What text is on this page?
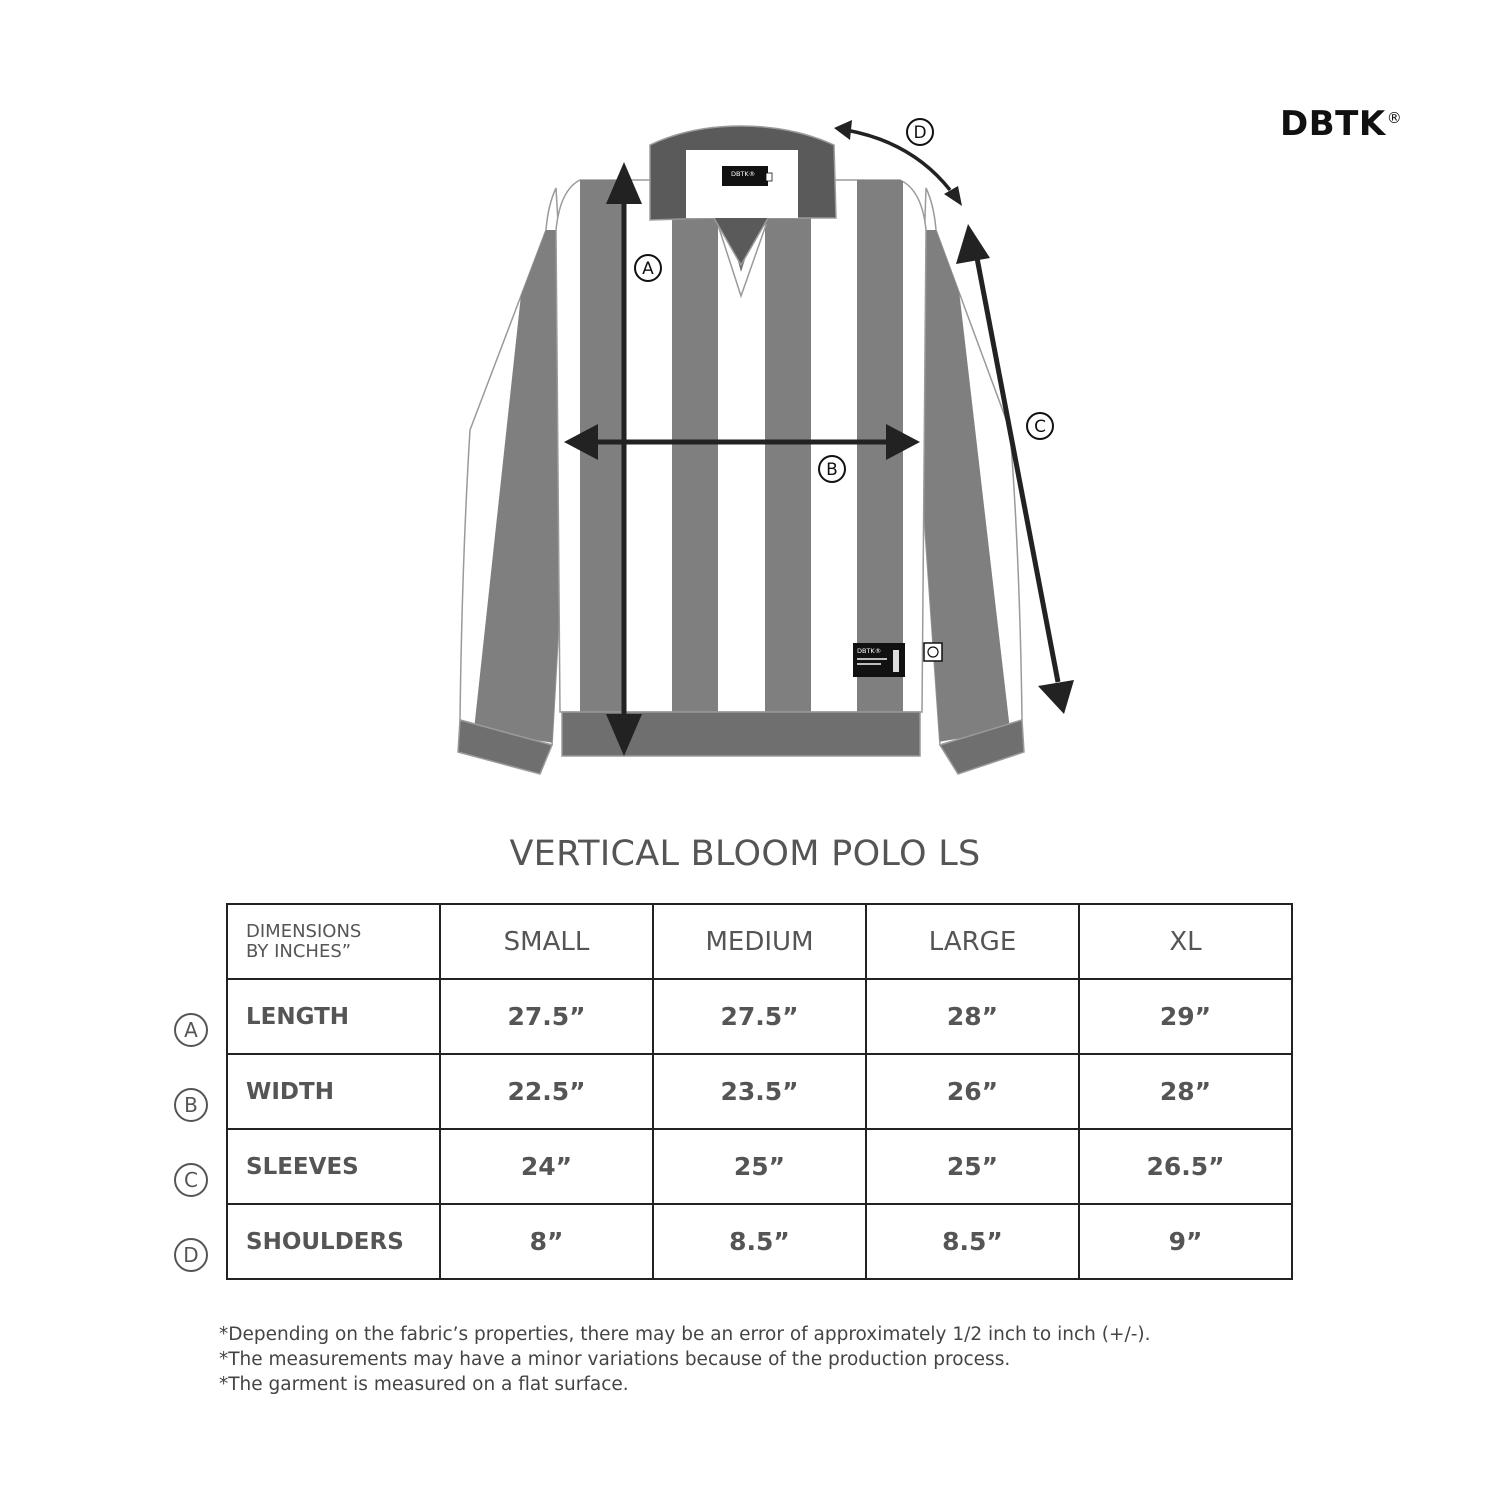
DBTK®
DBTK®
DBTK®
A
B
C
D
VERTICAL BLOOM POLO LS
A
B
C
D
DIMENSIONS
BY INCHES”	SMALL	MEDIUM	LARGE	XL
LENGTH	27.5”	27.5”	28”	29”
WIDTH	22.5”	23.5”	26”	28”
SLEEVES	24”	25”	25”	26.5”
SHOULDERS	8”	8.5”	8.5”	9”
*Depending on the fabric’s properties, there may be an error of approximately 1/2 inch to inch (+/-).
*The measurements may have a minor variations because of the production process.
*The garment is measured on a flat surface.
